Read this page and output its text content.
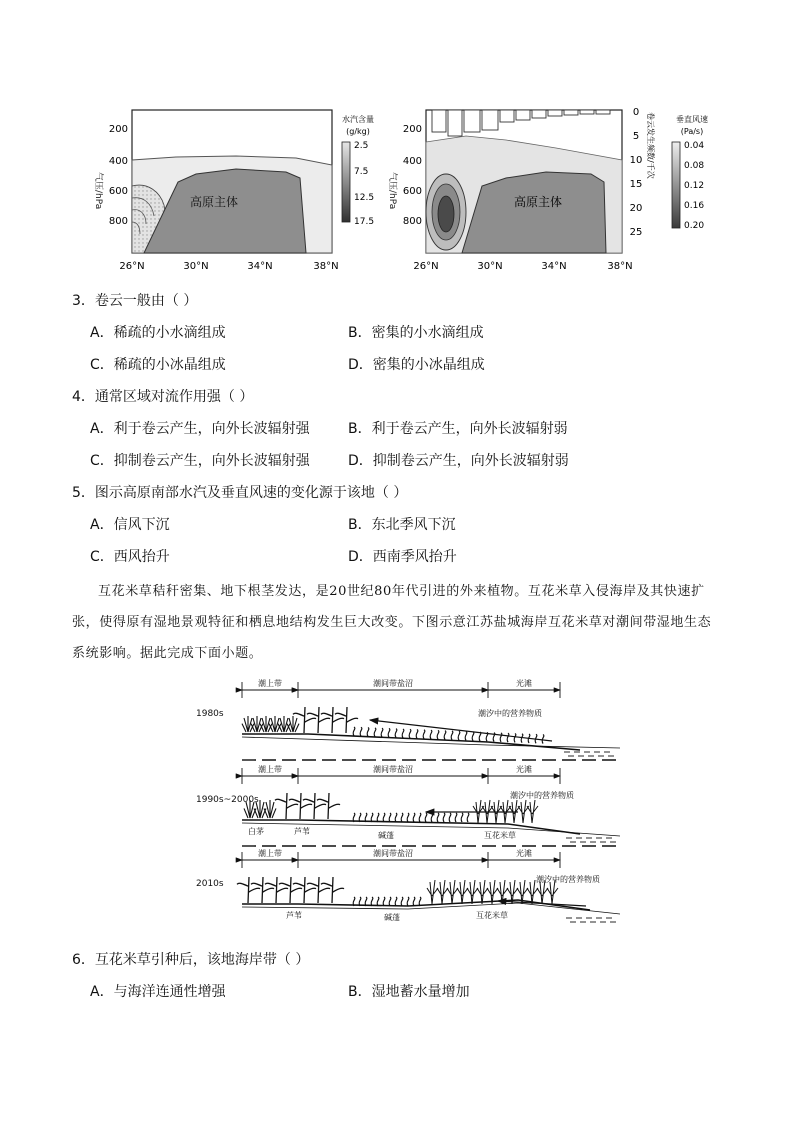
高原主体
气压/hPa
200
400
600
800
26°N	30°N	34°N	38°N
水汽含量
(g/kg)
2.5
7.5
12.5
17.5
高原主体
气压/hPa
200
400
600
800
26°N	30°N	34°N	38°N
0
5
10
15
20
25
卷云发生频数/千次	垂直风速
(Pa/s)
0.04
0.08
0.12
0.16
0.20
3．卷云一般由（ ）
A．稀疏的小水滴组成	B．密集的小水滴组成
C．稀疏的小冰晶组成	D．密集的小冰晶组成
4．通常区域对流作用强（ ）
A．利于卷云产生，向外长波辐射强	B．利于卷云产生，向外长波辐射弱
C．抑制卷云产生，向外长波辐射强	D．抑制卷云产生，向外长波辐射弱
5．图示高原南部水汽及垂直风速的变化源于该地（ ）
A．信风下沉	B．东北季风下沉
C．西风抬升	D．西南季风抬升

互花米草秸秆密集、地下根茎发达，是20世纪80年代引进的外来植物。互花米草入侵海岸及其快速扩张，使得原有湿地景观特征和栖息地结构发生巨大改变。下图示意江苏盐城海岸互花米草对潮间带湿地生态系统影响。据此完成下面小题。

1980s
潮上带	潮间带盐沼	光滩
潮汐中的营养物质
1990s~2000s
潮上带	潮间带盐沼	光滩
潮汐中的营养物质
白茅	芦苇	碱蓬	互花米草
2010s
潮上带	潮间带盐沼	光滩
潮汐中的营养物质
芦苇	碱蓬	互花米草
6．互花米草引种后，该地海岸带（ ）
A．与海洋连通性增强	B．湿地蓄水量增加
